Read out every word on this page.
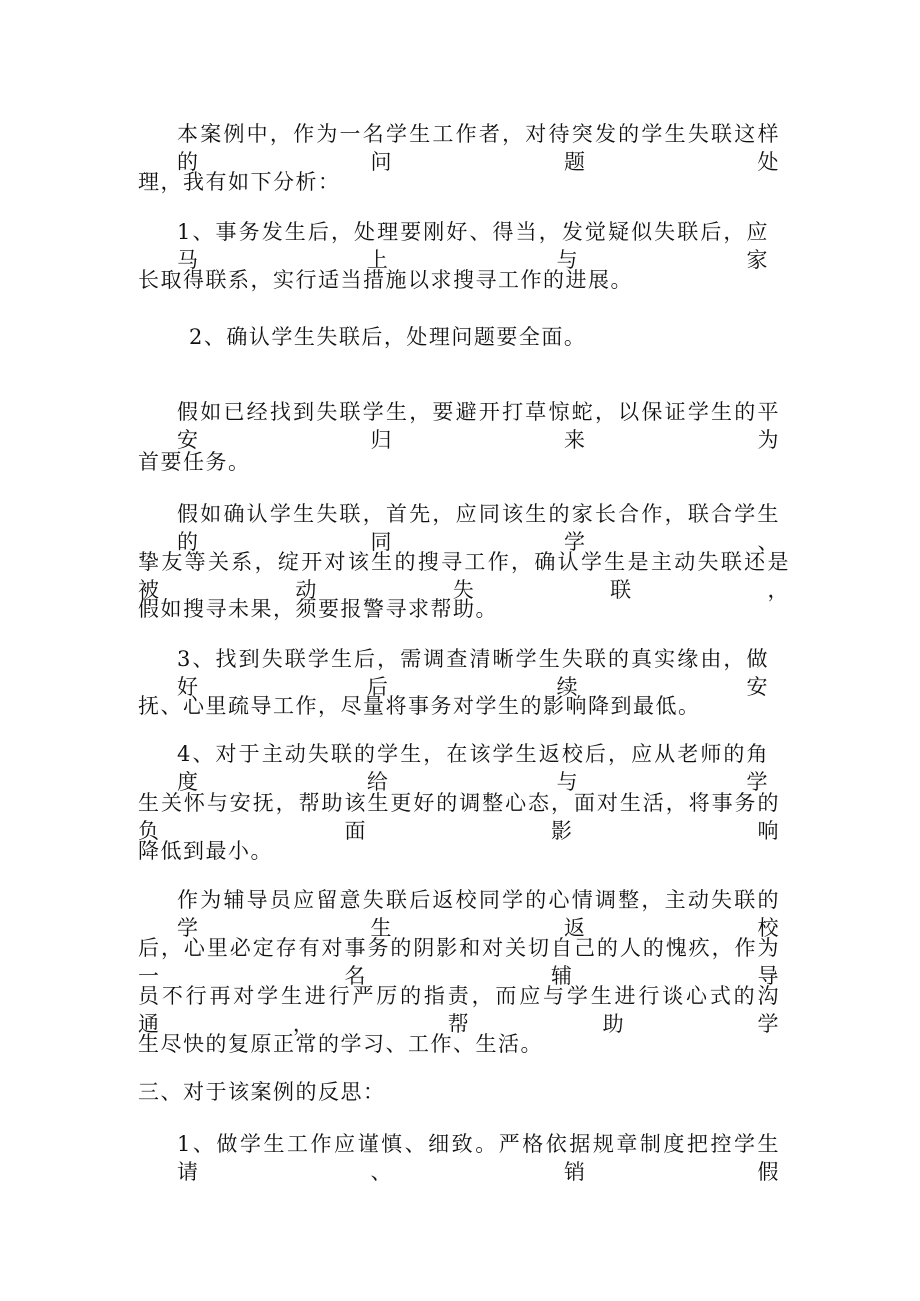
本案例中，作为一名学生工作者，对待突发的学生失联这样的问题处

理，我有如下分析：

1、事务发生后，处理要刚好、得当，发觉疑似失联后，应马上与家

长取得联系，实行适当措施以求搜寻工作的进展。

2、确认学生失联后，处理问题要全面。

假如已经找到失联学生，要避开打草惊蛇，以保证学生的平安归来为

首要任务。

假如确认学生失联，首先，应同该生的家长合作，联合学生的同学、

挚友等关系，绽开对该生的搜寻工作，确认学生是主动失联还是被动失联，

假如搜寻未果，须要报警寻求帮助。

3、找到失联学生后，需调查清晰学生失联的真实缘由，做好后续安

抚、心里疏导工作，尽量将事务对学生的影响降到最低。

4、对于主动失联的学生，在该学生返校后，应从老师的角度给与学

生关怀与安抚，帮助该生更好的调整心态，面对生活，将事务的负面影响

降低到最小。

作为辅导员应留意失联后返校同学的心情调整，主动失联的学生返校

后，心里必定存有对事务的阴影和对关切自己的人的愧疚，作为一名辅导

员不行再对学生进行严厉的指责，而应与学生进行谈心式的沟通，帮助学

生尽快的复原正常的学习、工作、生活。

三、对于该案例的反思：

1、做学生工作应谨慎、细致。严格依据规章制度把控学生请、销假
